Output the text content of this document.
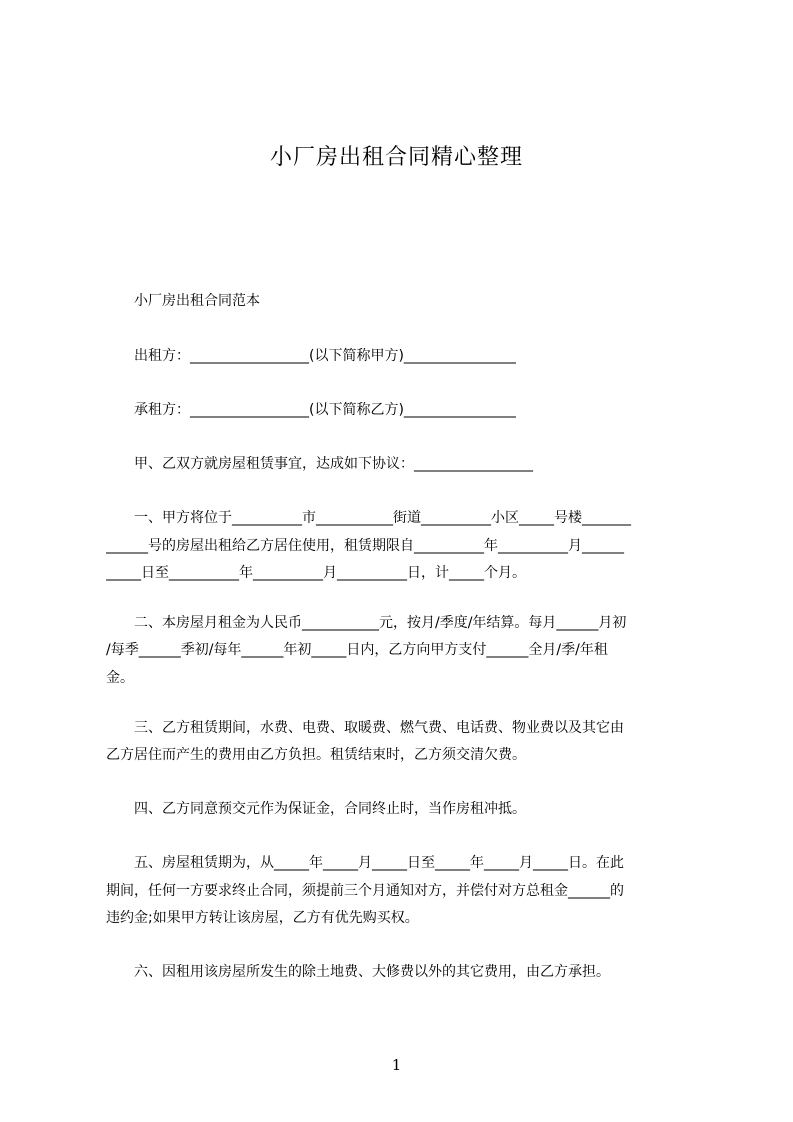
小厂房出租合同精心整理
　　小厂房出租合同范本
　　出租方：_________________(以下简称甲方)________________
　　承租方：_________________(以下简称乙方)________________
　　甲、乙双方就房屋租赁事宜，达成如下协议：_________________
　　一、甲方将位于__________市___________街道__________小区_____号楼_______
______号的房屋出租给乙方居住使用，租赁期限自__________年__________月______
_____日至__________年__________月__________日，计_____个月。
　　二、本房屋月租金为人民币___________元，按月/季度/年结算。每月______月初
/每季______季初/每年______年初_____日内，乙方向甲方支付______全月/季/年租
金。
　　三、乙方租赁期间，水费、电费、取暖费、燃气费、电话费、物业费以及其它由
乙方居住而产生的费用由乙方负担。租赁结束时，乙方须交清欠费。
　　四、乙方同意预交元作为保证金，合同终止时，当作房租冲抵。
　　五、房屋租赁期为，从_____年_____月_____日至_____年_____月_____日。在此
期间，任何一方要求终止合同，须提前三个月通知对方，并偿付对方总租金______的
违约金;如果甲方转让该房屋，乙方有优先购买权。
　　六、因租用该房屋所发生的除土地费、大修费以外的其它费用，由乙方承担。
1
